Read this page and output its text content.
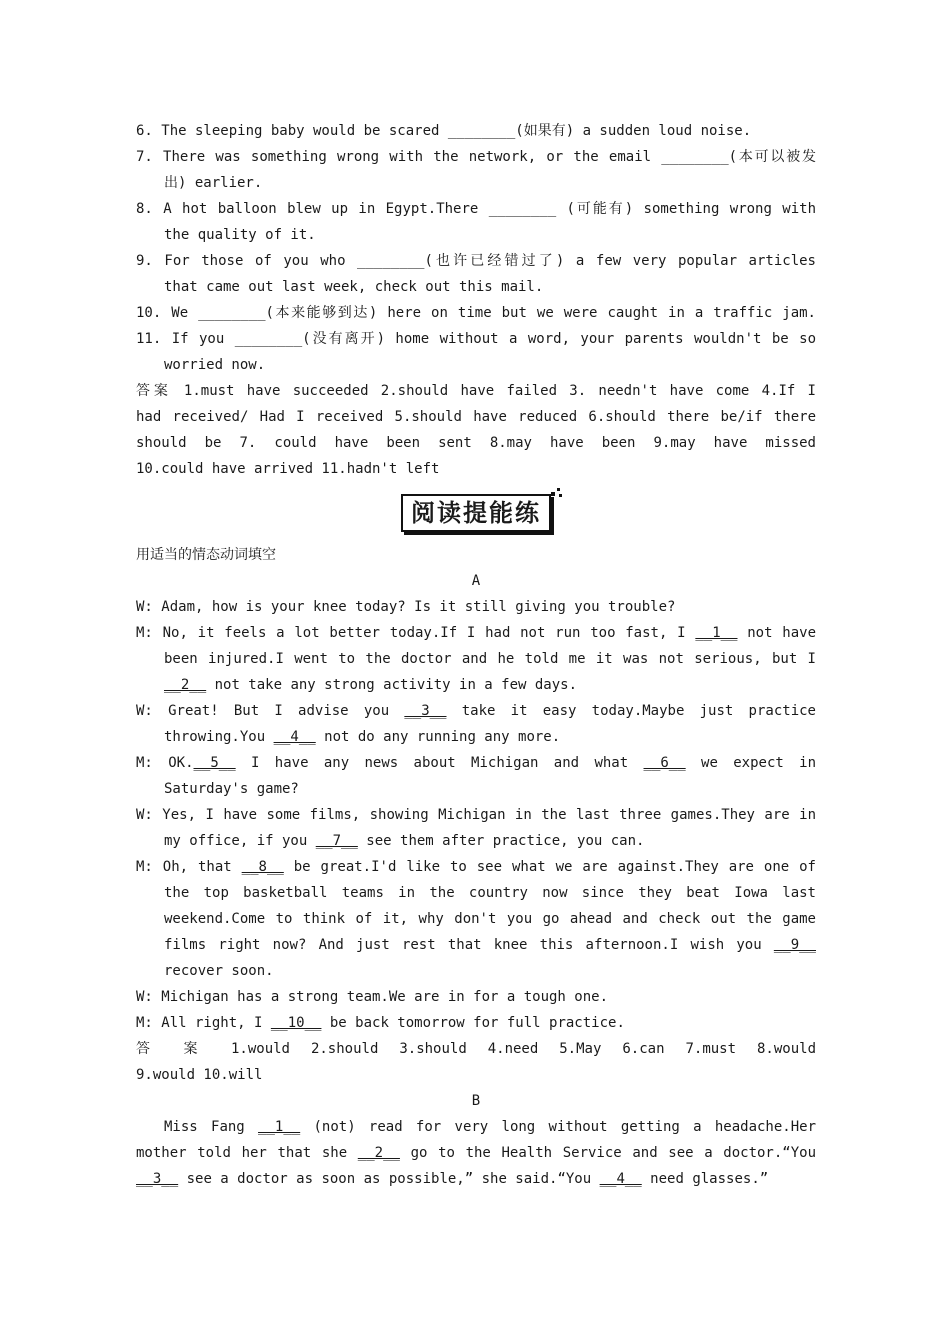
6. The sleeping baby would be scared ________(如果有) a sudden loud noise.
7. There was something wrong with the network, or the email ________(本可以被发
出) earlier.
8. A hot balloon blew up in Egypt.There ________ (可能有) something wrong with
the quality of it.
9. For those of you who ________(也许已经错过了) a few very popular articles
that came out last week, check out this mail.
10. We ________(本来能够到达) here on time but we were caught in a traffic jam.
11. If you ________(没有离开) home without a word, your parents wouldn't be so
worried now.
答案 1.must have succeeded 2.should have failed 3. needn't have come 4.If I
had received/ Had I received 5.should have reduced 6.should there be/if there
should be 7. could have been sent 8.may have been 9.may have missed
10.could have arrived 11.hadn't left
阅读提能练
用适当的情态动词填空
A
W: Adam, how is your knee today? Is it still giving you trouble?
M: No, it feels a lot better today.If I had not run too fast, I __1__ not have
been injured.I went to the doctor and he told me it was not serious, but I
__2__ not take any strong activity in a few days.
W: Great! But I advise you __3__ take it easy today.Maybe just practice
throwing.You __4__ not do any running any more.
M: OK.__5__ I have any news about Michigan and what __6__ we expect in
Saturday's game?
W: Yes, I have some films, showing Michigan in the last three games.They are in
my office, if you __7__ see them after practice, you can.
M: Oh, that __8__ be great.I'd like to see what we are against.They are one of
the top basketball teams in the country now since they beat Iowa last
weekend.Come to think of it, why don't you go ahead and check out the game
films right now? And just rest that knee this afternoon.I wish you __9__
recover soon.
W: Michigan has a strong team.We are in for a tough one.
M: All right, I __10__ be back tomorrow for full practice.
答 案 1.would 2.should 3.should 4.need 5.May 6.can 7.must 8.would
9.would 10.will
B
Miss Fang __1__ (not) read for very long without getting a headache.Her
mother told her that she __2__ go to the Health Service and see a doctor.“You
__3__ see a doctor as soon as possible,” she said.“You __4__ need glasses.”
